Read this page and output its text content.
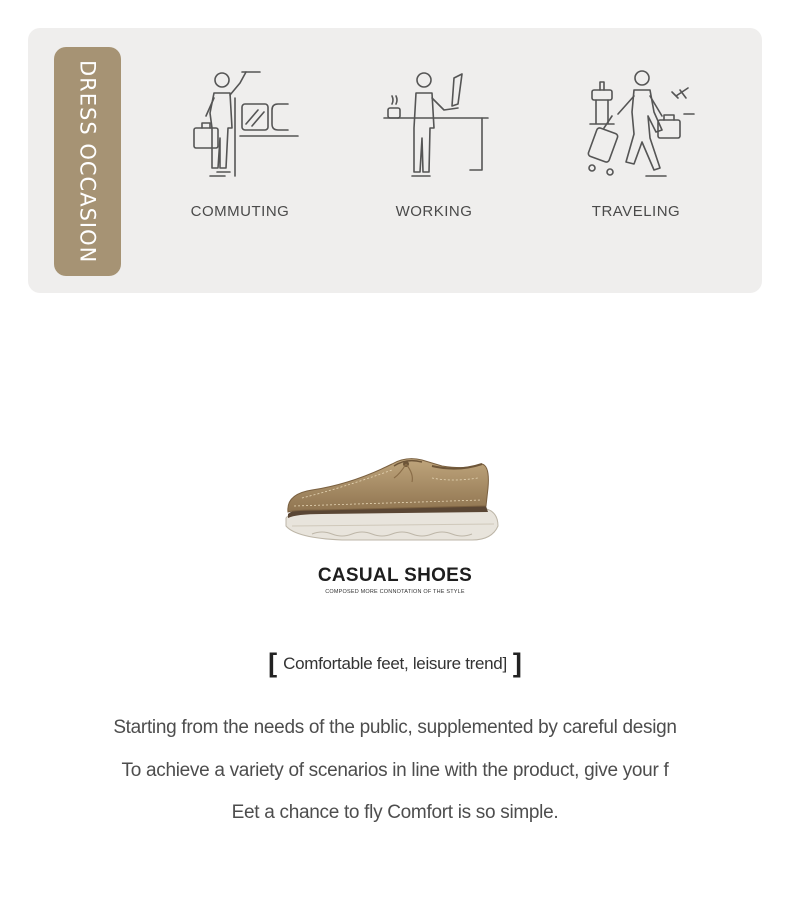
DRESS OCCASION	COMMUTING	WORKING	TRAVELING
CASUAL SHOES
COMPOSED MORE CONNOTATION OF THE STYLE
[ Comfortable feet, leisure trend] ]
Starting from the needs of the public, supplemented by careful design
To achieve a variety of scenarios in line with the product, give your f
Eet a chance to fly Comfort is so simple.
